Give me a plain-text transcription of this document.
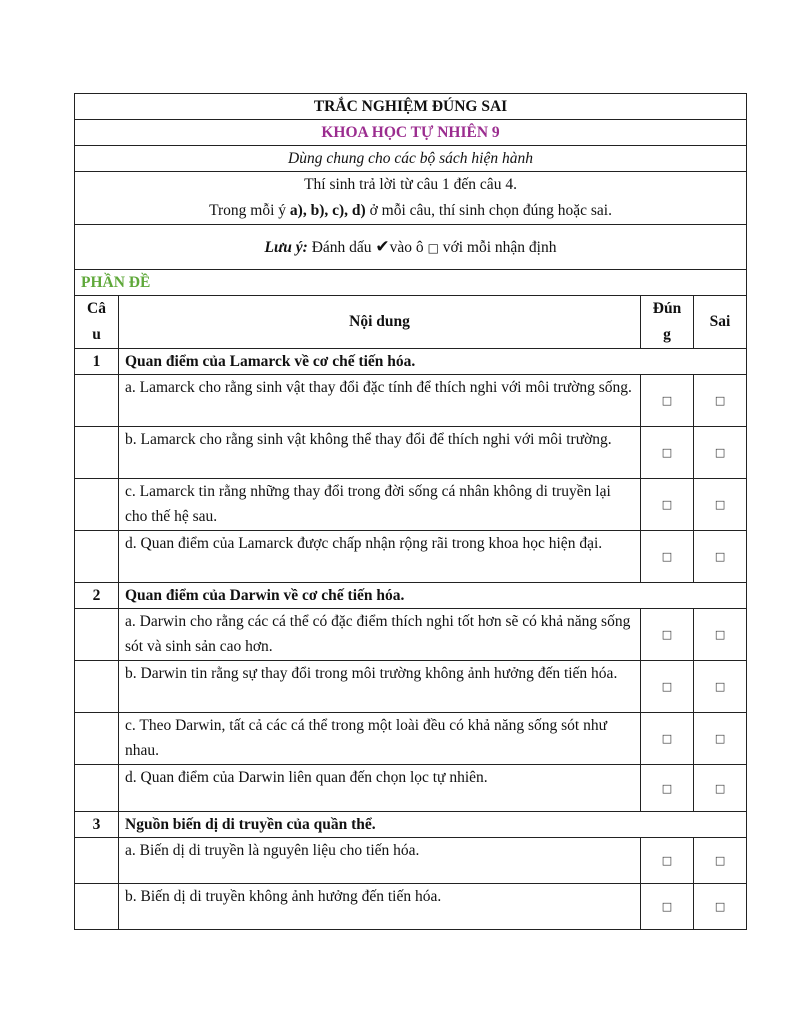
TRẮC NGHIỆM ĐÚNG SAI			
KHOA HỌC TỰ NHIÊN 9			
Dùng chung cho các bộ sách hiện hành			

Thí sinh trả lời từ câu 1 đến câu 4.
Trong mỗi ý a), b), c), d) ở mỗi câu, thí sinh chọn đúng hoặc sai.			

Lưu ý: Đánh dấu ✔vào ô □ với mỗi nhận định			
PHẦN ĐỀ			
Câ u	Nội dung	Đún g	Sai
1	Quan điểm của Lamarck về cơ chế tiến hóa.		
	a. Lamarck cho rằng sinh vật thay đổi đặc tính để thích nghi với môi trường sống.	□	□
	b. Lamarck cho rằng sinh vật không thể thay đổi để thích nghi với môi trường.	□	□
	c. Lamarck tin rằng những thay đổi trong đời sống cá nhân không di truyền lại cho thế hệ sau.	□	□
	d. Quan điểm của Lamarck được chấp nhận rộng rãi trong khoa học hiện đại.	□	□
2	Quan điểm của Darwin về cơ chế tiến hóa.		
	a. Darwin cho rằng các cá thể có đặc điểm thích nghi tốt hơn sẽ có khả năng sống sót và sinh sản cao hơn.	□	□
	b. Darwin tin rằng sự thay đổi trong môi trường không ảnh hưởng đến tiến hóa.	□	□
	c. Theo Darwin, tất cả các cá thể trong một loài đều có khả năng sống sót như nhau.	□	□
	d. Quan điểm của Darwin liên quan đến chọn lọc tự nhiên.	□	□
3	Nguồn biến dị di truyền của quần thể.		
	a. Biến dị di truyền là nguyên liệu cho tiến hóa.	□	□
	b. Biến dị di truyền không ảnh hưởng đến tiến hóa.	□	□
